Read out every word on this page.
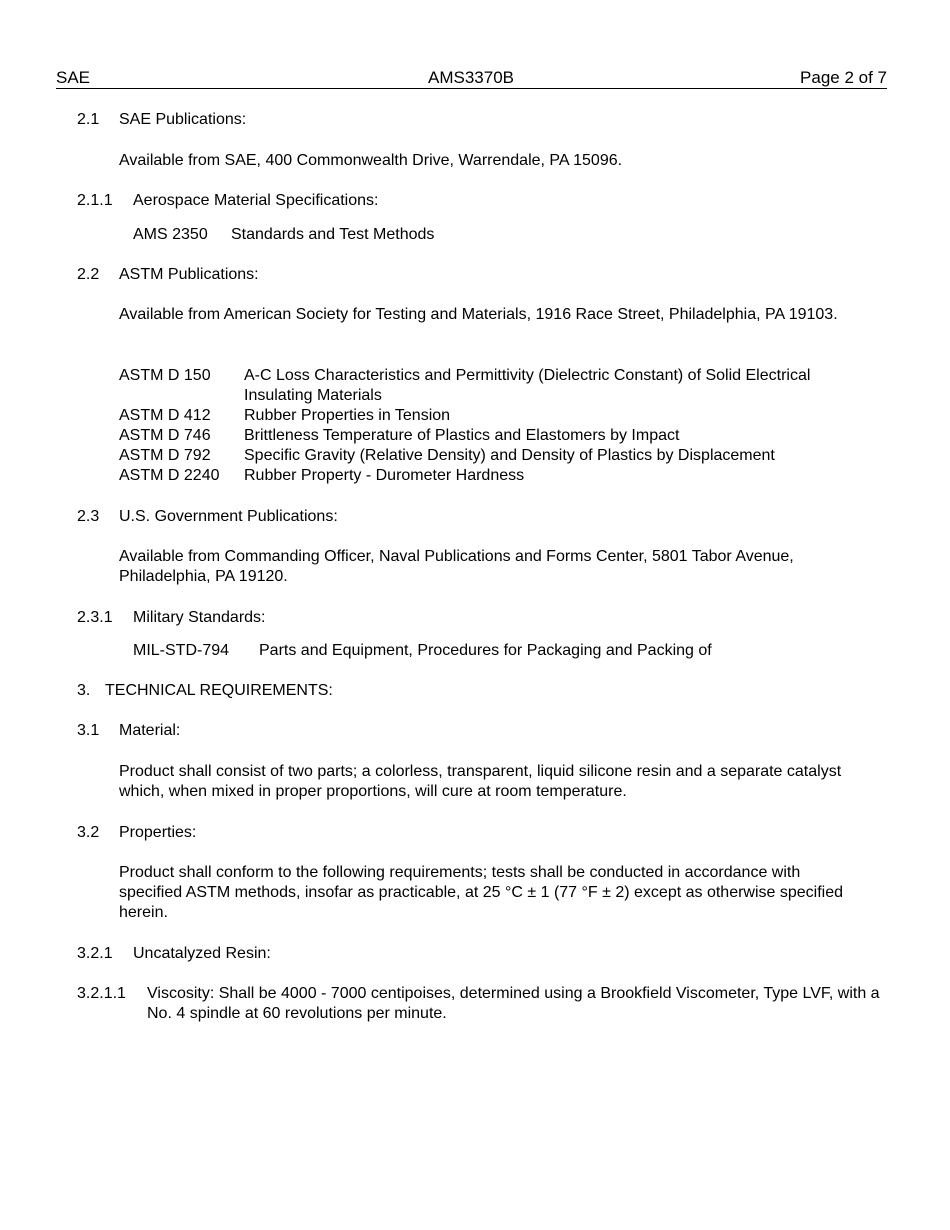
SAE	AMS3370B	Page 2 of 7
2.1 SAE Publications:
Available from SAE, 400 Commonwealth Drive, Warrendale, PA 15096.
2.1.1 Aerospace Material Specifications:
AMS 2350 Standards and Test Methods
2.2 ASTM Publications:
Available from American Society for Testing and Materials, 1916 Race Street, Philadelphia, PA 19103.
ASTM D 150 A-C Loss Characteristics and Permittivity (Dielectric Constant) of Solid Electrical Insulating Materials
ASTM D 412 Rubber Properties in Tension
ASTM D 746 Brittleness Temperature of Plastics and Elastomers by Impact
ASTM D 792 Specific Gravity (Relative Density) and Density of Plastics by Displacement
ASTM D 2240 Rubber Property - Durometer Hardness
2.3 U.S. Government Publications:
Available from Commanding Officer, Naval Publications and Forms Center, 5801 Tabor Avenue, Philadelphia, PA 19120.
2.3.1 Military Standards:
MIL-STD-794 Parts and Equipment, Procedures for Packaging and Packing of
3. TECHNICAL REQUIREMENTS:
3.1 Material:
Product shall consist of two parts; a colorless, transparent, liquid silicone resin and a separate catalyst which, when mixed in proper proportions, will cure at room temperature.
3.2 Properties:
Product shall conform to the following requirements; tests shall be conducted in accordance with specified ASTM methods, insofar as practicable, at 25 °C ± 1 (77 °F ± 2) except as otherwise specified herein.
3.2.1 Uncatalyzed Resin:
3.2.1.1 Viscosity: Shall be 4000 - 7000 centipoises, determined using a Brookfield Viscometer, Type LVF, with a No. 4 spindle at 60 revolutions per minute.
